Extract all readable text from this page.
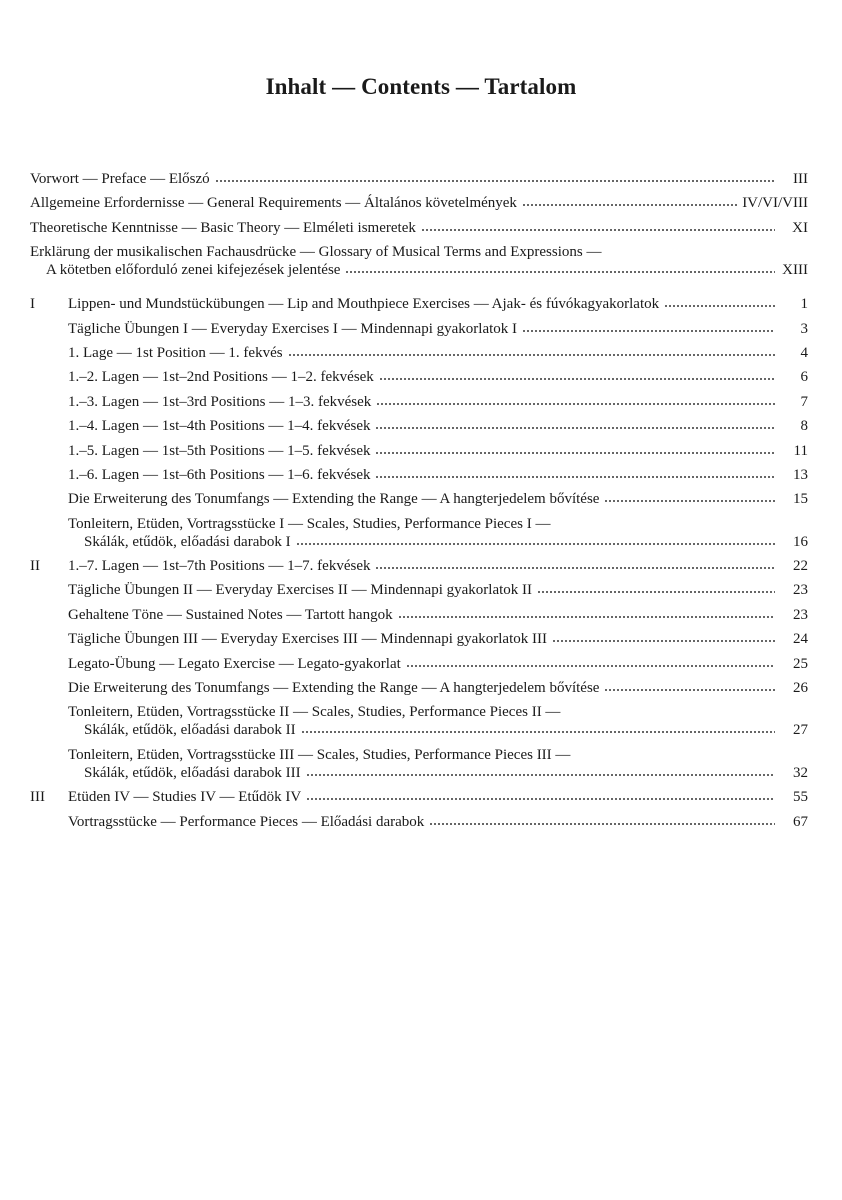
Inhalt — Contents — Tartalom
Vorwort — Preface — Előszó	III
Allgemeine Erfordernisse — General Requirements — Általános követelmények	IV/VI/VIII
Theoretische Kenntnisse — Basic Theory — Elméleti ismeretek	XI
Erklärung der musikalischen Fachausdrücke — Glossary of Musical Terms and Expressions —
A kötetben előforduló zenei kifejezések jelentése	XIII
I	Lippen- und Mundstückübungen — Lip and Mouthpiece Exercises — Ajak- és fúvókagyakorlatok	1
Tägliche Übungen I — Everyday Exercises I — Mindennapi gyakorlatok I	3
1. Lage — 1st Position — 1. fekvés	4
1.–2. Lagen — 1st–2nd Positions — 1–2. fekvések	6
1.–3. Lagen — 1st–3rd Positions — 1–3. fekvések	7
1.–4. Lagen — 1st–4th Positions — 1–4. fekvések	8
1.–5. Lagen — 1st–5th Positions — 1–5. fekvések	11
1.–6. Lagen — 1st–6th Positions — 1–6. fekvések	13
Die Erweiterung des Tonumfangs — Extending the Range — A hangterjedelem bővítése	15
Tonleitern, Etüden, Vortragsstücke I — Scales, Studies, Performance Pieces I —
Skálák, etűdök, előadási darabok I	16
II	1.–7. Lagen — 1st–7th Positions — 1–7. fekvések	22
Tägliche Übungen II — Everyday Exercises II — Mindennapi gyakorlatok II	23
Gehaltene Töne — Sustained Notes — Tartott hangok	23
Tägliche Übungen III — Everyday Exercises III — Mindennapi gyakorlatok III	24
Legato-Übung — Legato Exercise — Legato-gyakorlat	25
Die Erweiterung des Tonumfangs — Extending the Range — A hangterjedelem bővítése	26
Tonleitern, Etüden, Vortragsstücke II — Scales, Studies, Performance Pieces II —
Skálák, etűdök, előadási darabok II	27
Tonleitern, Etüden, Vortragsstücke III — Scales, Studies, Performance Pieces III —
Skálák, etűdök, előadási darabok III	32
III	Etüden IV — Studies IV — Etűdök IV	55
Vortragsstücke — Performance Pieces — Előadási darabok	67
